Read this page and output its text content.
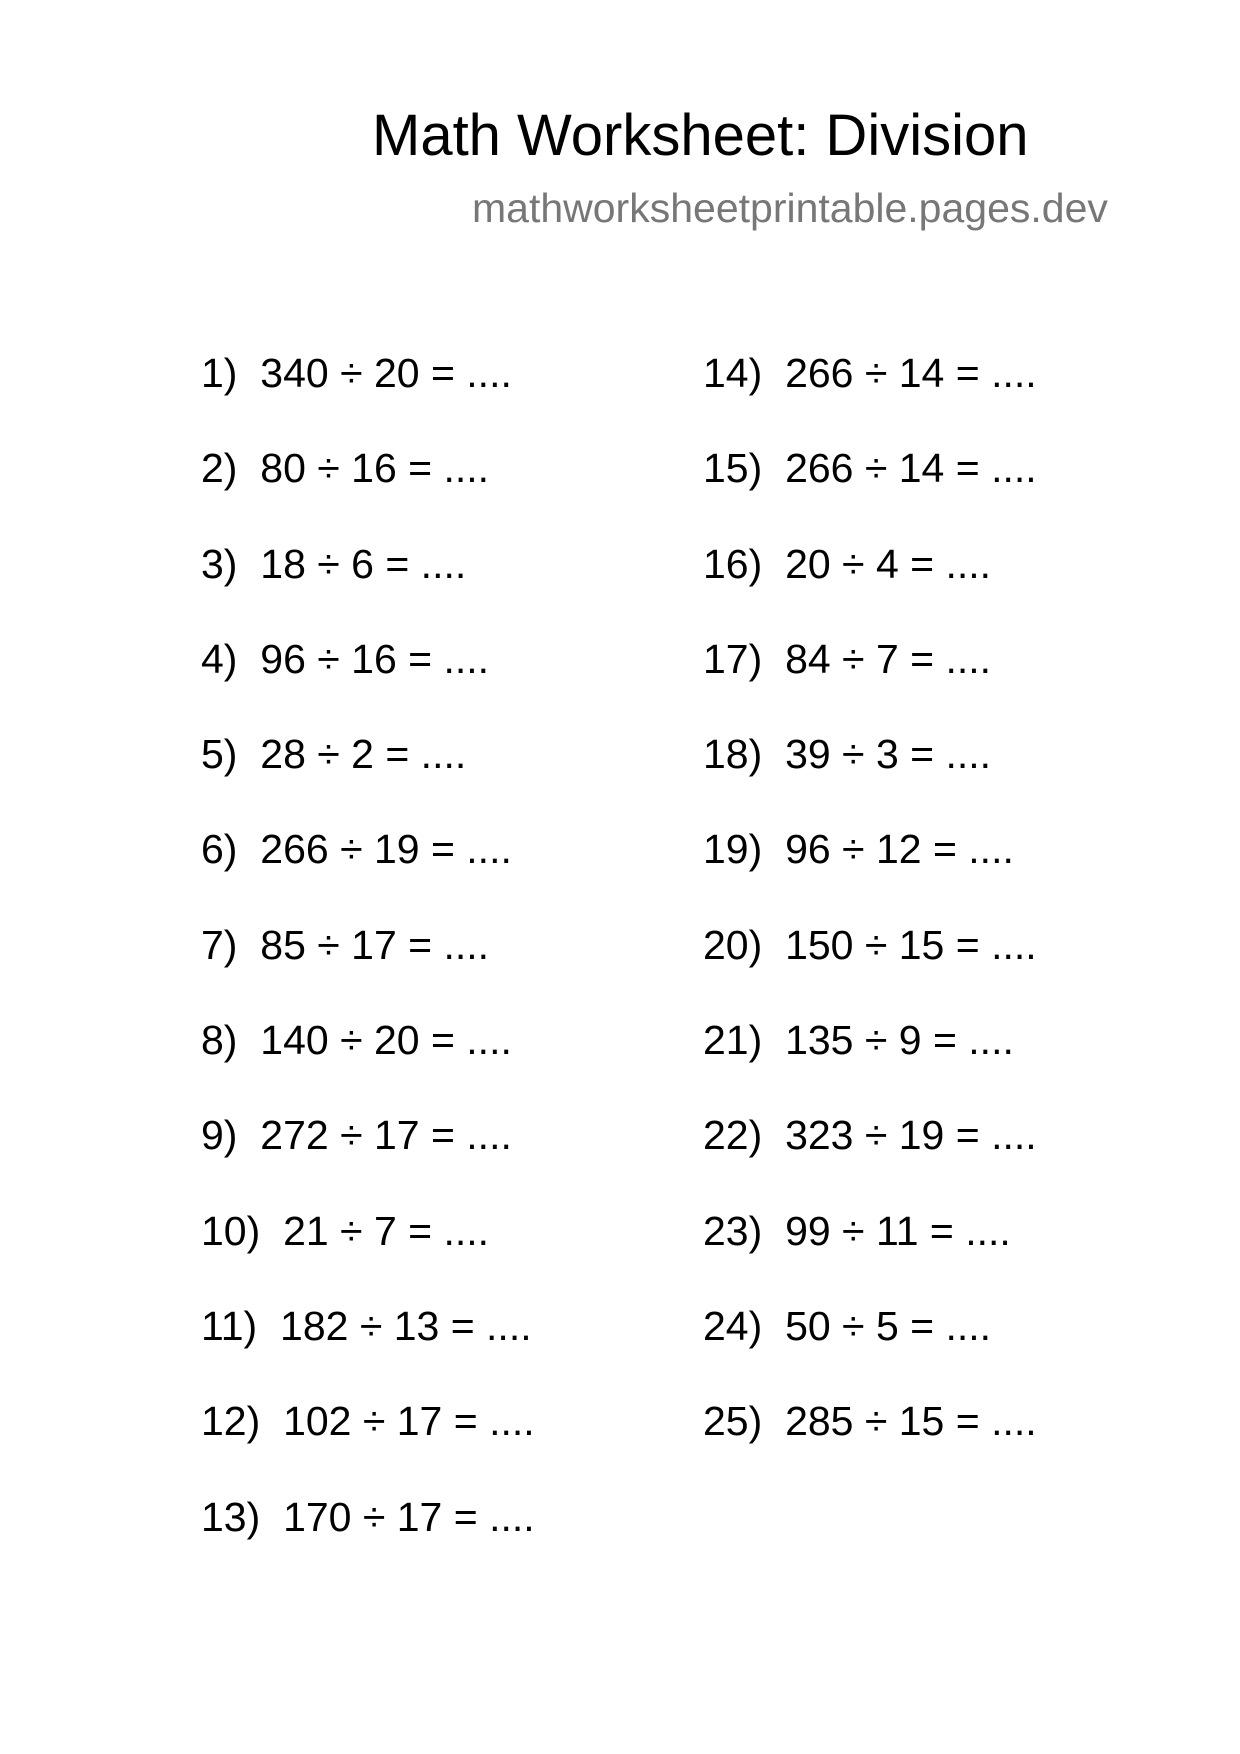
Math Worksheet: Division
mathworksheetprintable.pages.dev
1) 340 ÷ 20 = ....
2) 80 ÷ 16 = ....
3) 18 ÷ 6 = ....
4) 96 ÷ 16 = ....
5) 28 ÷ 2 = ....
6) 266 ÷ 19 = ....
7) 85 ÷ 17 = ....
8) 140 ÷ 20 = ....
9) 272 ÷ 17 = ....
10) 21 ÷ 7 = ....
11) 182 ÷ 13 = ....
12) 102 ÷ 17 = ....
13) 170 ÷ 17 = ....
14) 266 ÷ 14 = ....
15) 266 ÷ 14 = ....
16) 20 ÷ 4 = ....
17) 84 ÷ 7 = ....
18) 39 ÷ 3 = ....
19) 96 ÷ 12 = ....
20) 150 ÷ 15 = ....
21) 135 ÷ 9 = ....
22) 323 ÷ 19 = ....
23) 99 ÷ 11 = ....
24) 50 ÷ 5 = ....
25) 285 ÷ 15 = ....
